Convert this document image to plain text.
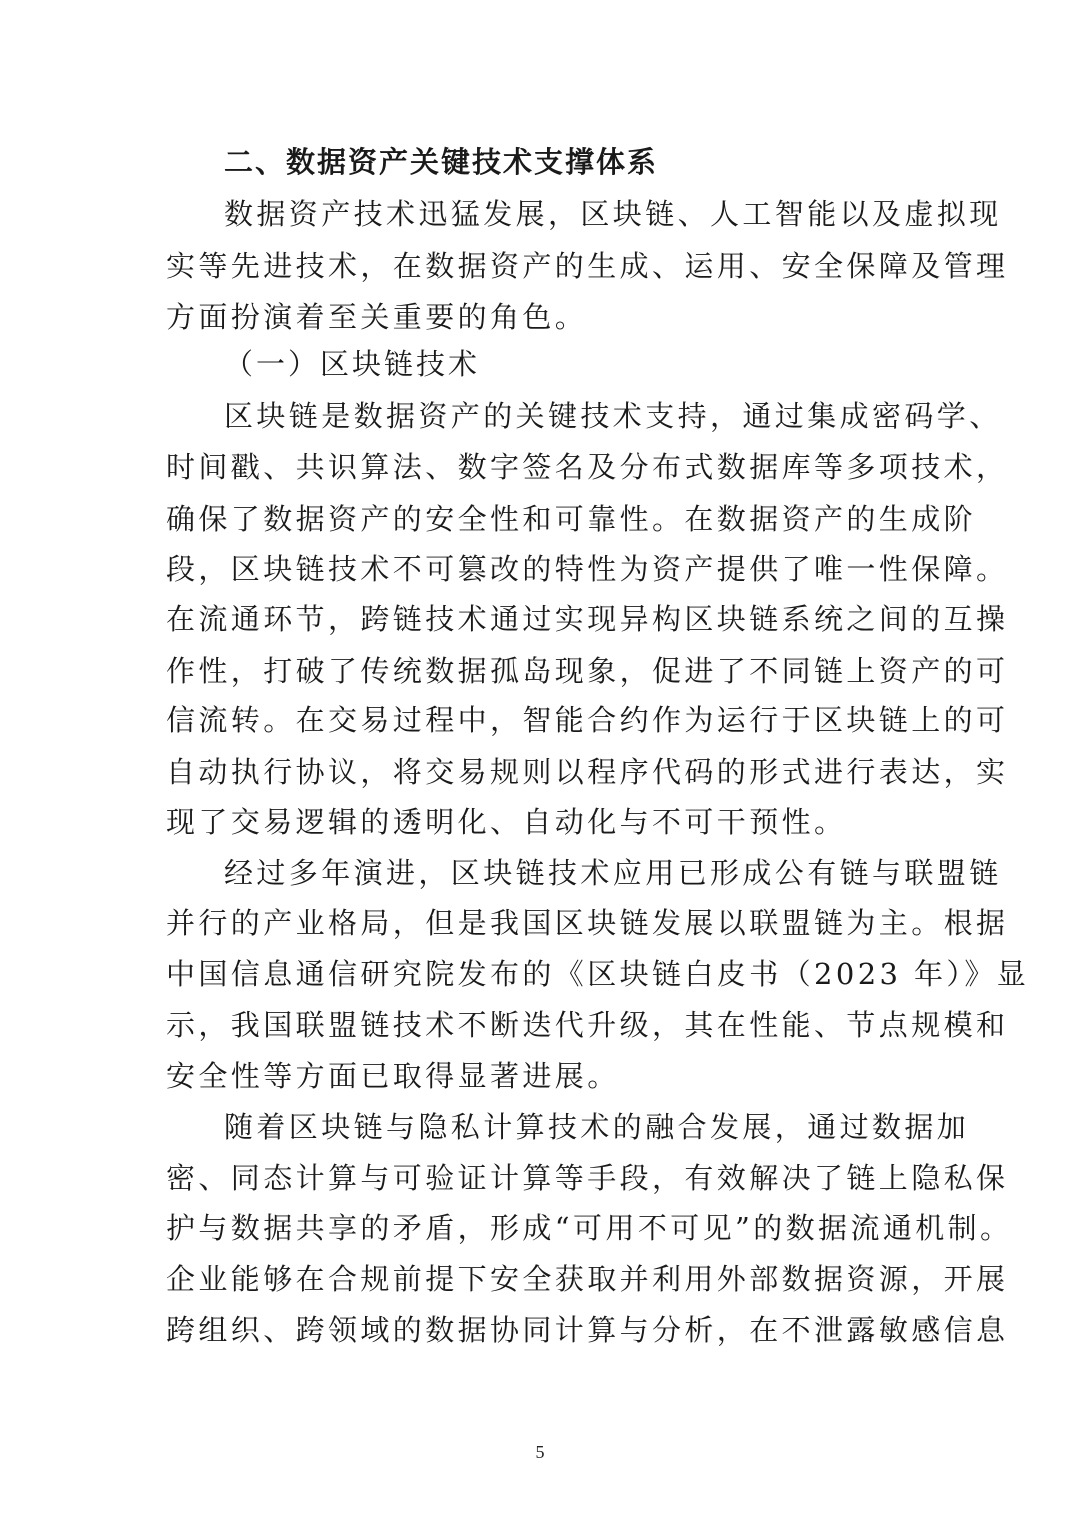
二、数据资产关键技术支撑体系
数据资产技术迅猛发展，区块链、人工智能以及虚拟现
实等先进技术，在数据资产的生成、运用、安全保障及管理
方面扮演着至关重要的角色。
（一）区块链技术
区块链是数据资产的关键技术支持，通过集成密码学、
时间戳、共识算法、数字签名及分布式数据库等多项技术，
确保了数据资产的安全性和可靠性。在数据资产的生成阶
段，区块链技术不可篡改的特性为资产提供了唯一性保障。
在流通环节，跨链技术通过实现异构区块链系统之间的互操
作性，打破了传统数据孤岛现象，促进了不同链上资产的可
信流转。在交易过程中，智能合约作为运行于区块链上的可
自动执行协议，将交易规则以程序代码的形式进行表达，实
现了交易逻辑的透明化、自动化与不可干预性。
经过多年演进，区块链技术应用已形成公有链与联盟链
并行的产业格局，但是我国区块链发展以联盟链为主。根据
中国信息通信研究院发布的《区块链白皮书（2023 年）》显
示，我国联盟链技术不断迭代升级，其在性能、节点规模和
安全性等方面已取得显著进展。
随着区块链与隐私计算技术的融合发展，通过数据加
密、同态计算与可验证计算等手段，有效解决了链上隐私保
护与数据共享的矛盾，形成“可用不可见”的数据流通机制。
企业能够在合规前提下安全获取并利用外部数据资源，开展
跨组织、跨领域的数据协同计算与分析，在不泄露敏感信息
5
